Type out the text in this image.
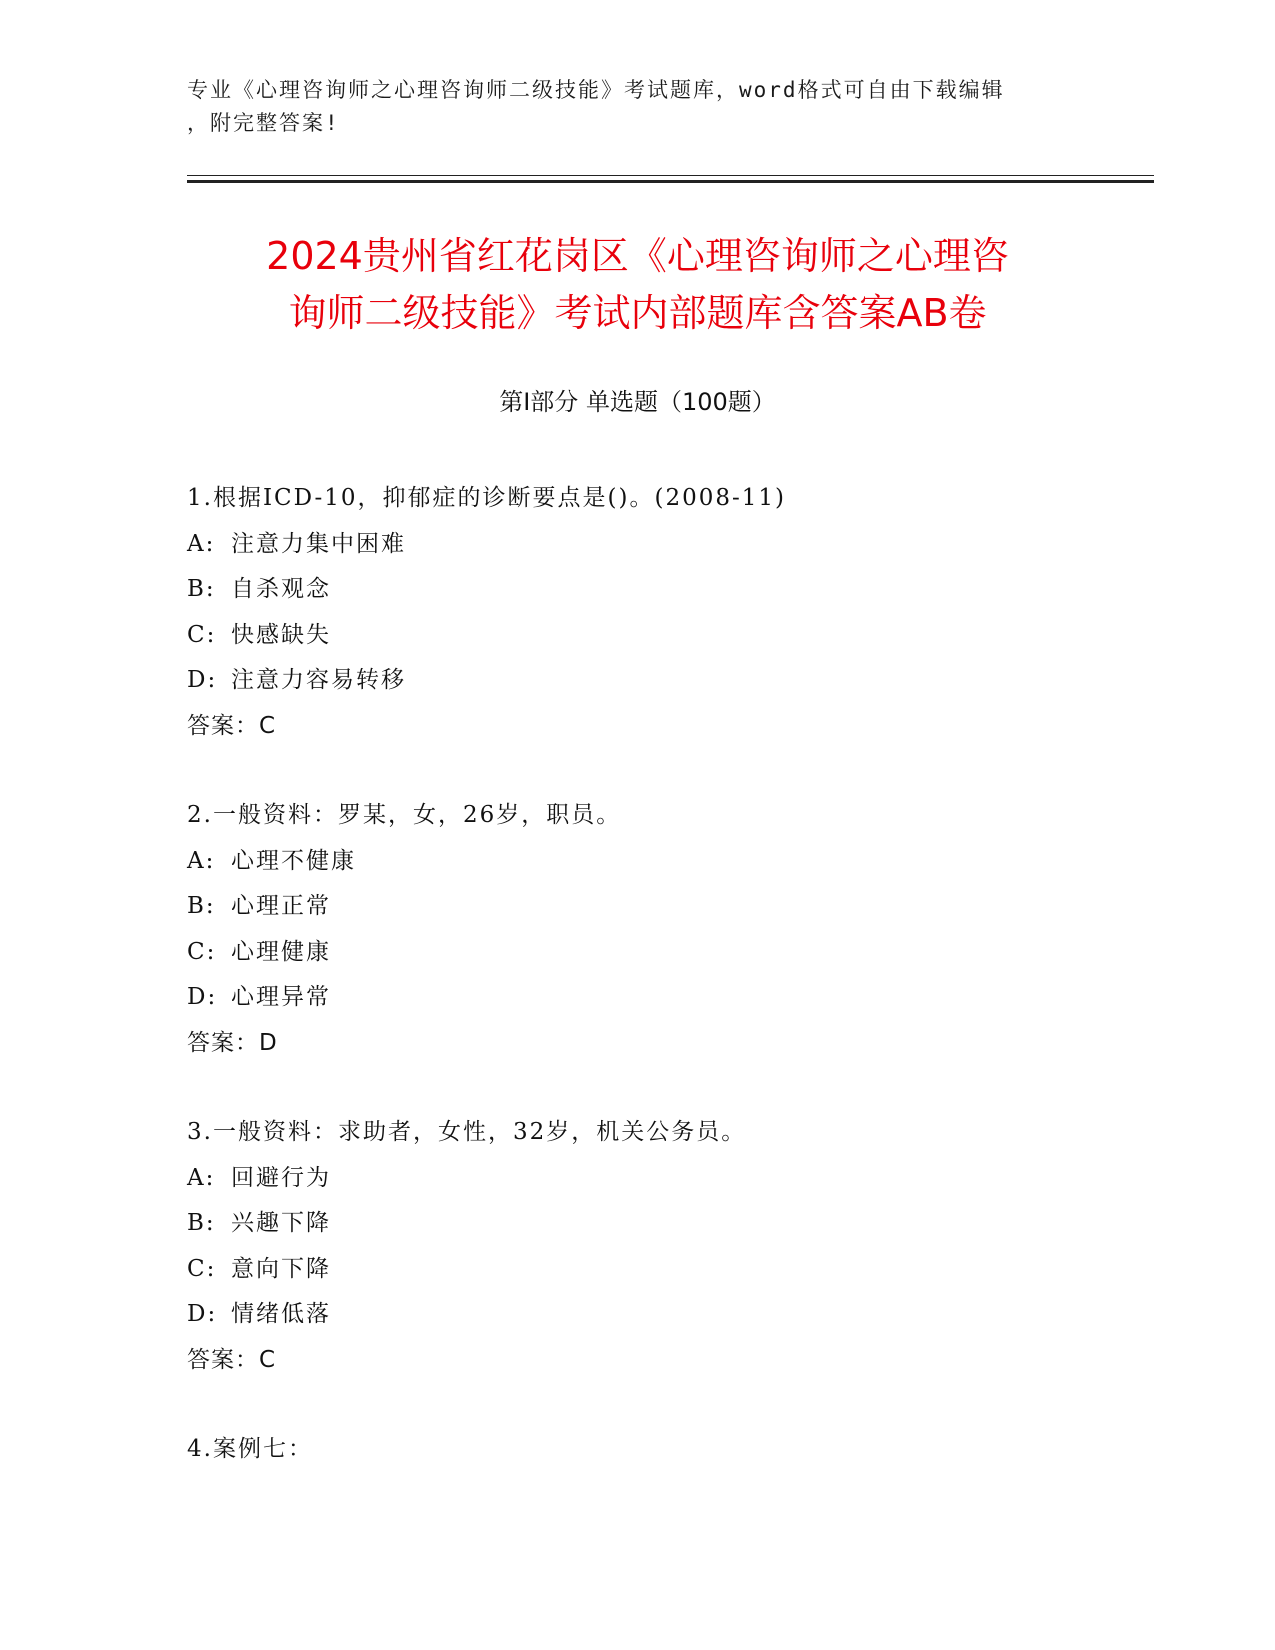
专业《心理咨询师之心理咨询师二级技能》考试题库，word格式可自由下载编辑
，附完整答案!
2024贵州省红花岗区《心理咨询师之心理咨
询师二级技能》考试内部题库含答案AB卷
第Ⅰ部分 单选题（100题）
1.根据ICD-10，抑郁症的诊断要点是()。(2008-11)
A: 注意力集中困难
B: 自杀观念
C: 快感缺失
D: 注意力容易转移
答案：C
2.一般资料：罗某，女，26岁，职员。
A: 心理不健康
B: 心理正常
C: 心理健康
D: 心理异常
答案：D
3.一般资料：求助者，女性，32岁，机关公务员。
A: 回避行为
B: 兴趣下降
C: 意向下降
D: 情绪低落
答案：C
4.案例七：
